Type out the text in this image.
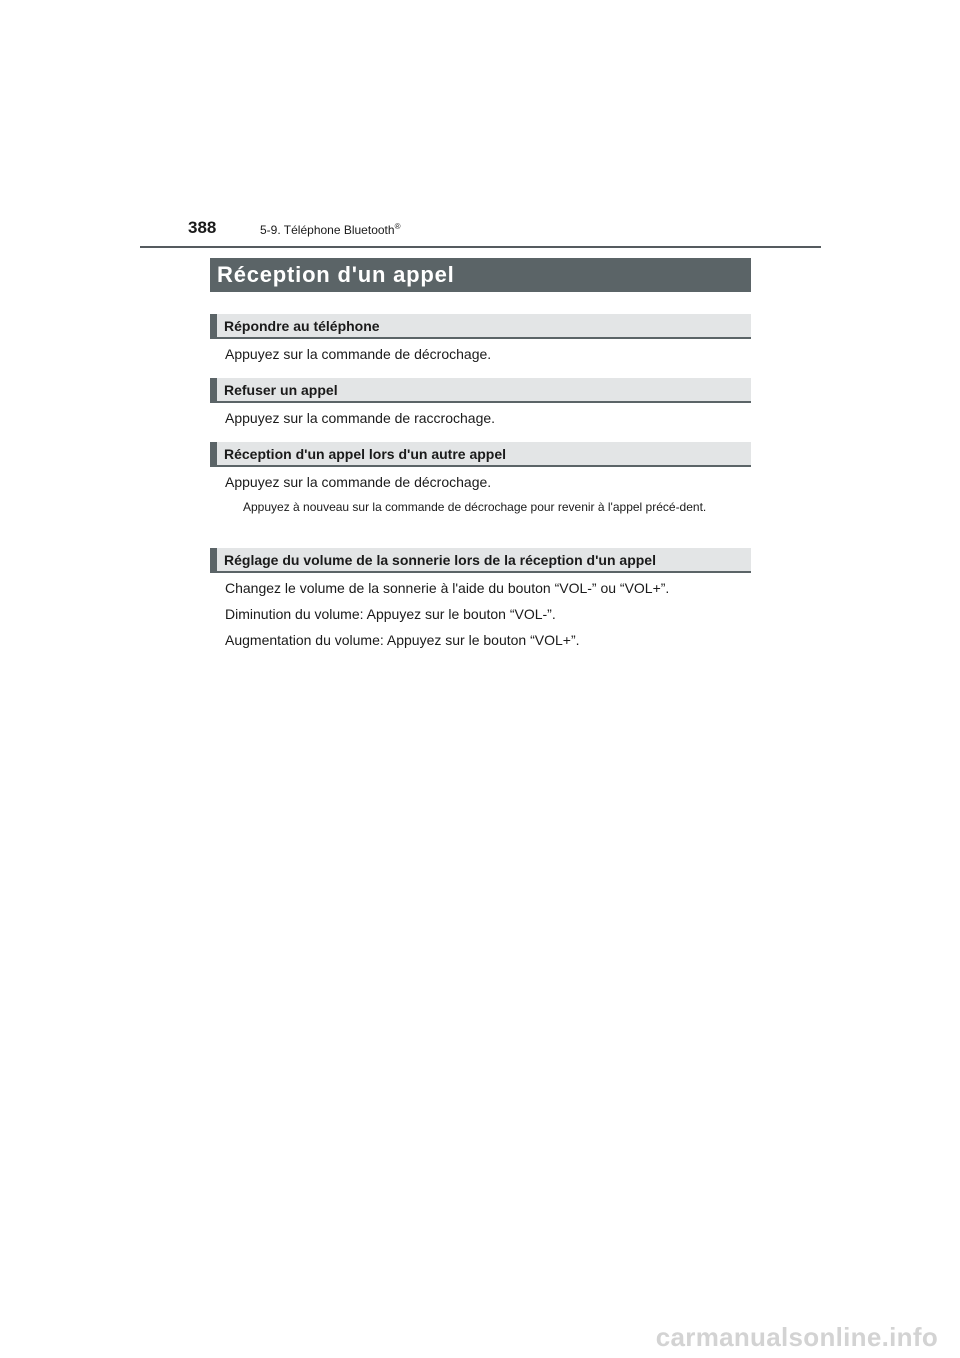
388	5-9. Téléphone Bluetooth®
Réception d'un appel
Répondre au téléphone
Appuyez sur la commande de décrochage.
Refuser un appel
Appuyez sur la commande de raccrochage.
Réception d'un appel lors d'un autre appel
Appuyez sur la commande de décrochage.
Appuyez à nouveau sur la commande de décrochage pour revenir à l'appel précé-dent.
Réglage du volume de la sonnerie lors de la réception d'un appel
Changez le volume de la sonnerie à l'aide du bouton “VOL-” ou “VOL+”.
Diminution du volume: Appuyez sur le bouton “VOL-”.
Augmentation du volume: Appuyez sur le bouton “VOL+”.
carmanualsonline.info
